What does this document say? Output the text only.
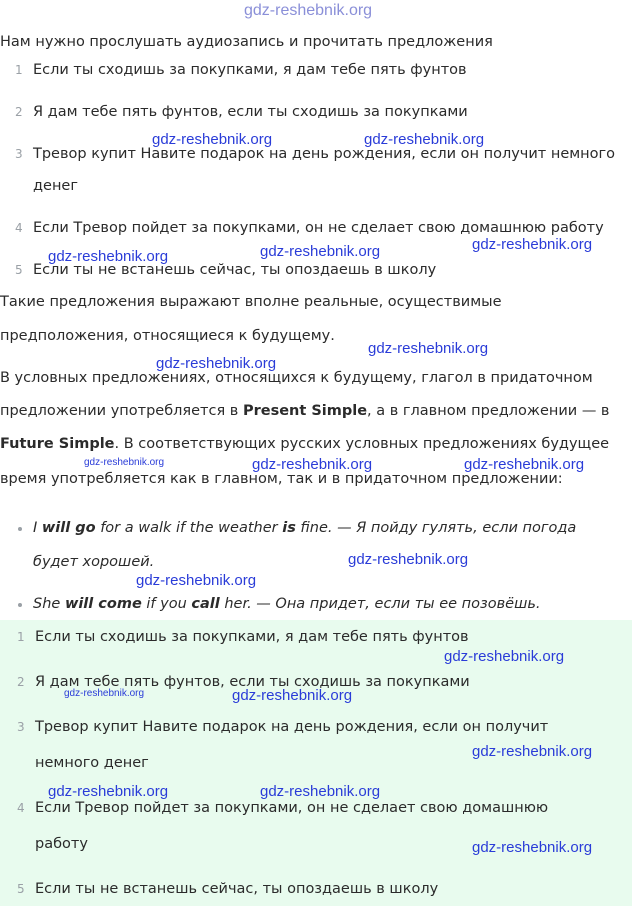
gdz-reshebnik.org
gdz-reshebnik.org	gdz-reshebnik.org
gdz-reshebnik.org
gdz-reshebnik.org	gdz-reshebnik.org
gdz-reshebnik.org
gdz-reshebnik.org
gdz-reshebnik.org	gdz-reshebnik.org	gdz-reshebnik.org
gdz-reshebnik.org
gdz-reshebnik.org
gdz-reshebnik.org
gdz-reshebnik.org	gdz-reshebnik.org
gdz-reshebnik.org
gdz-reshebnik.org	gdz-reshebnik.org
gdz-reshebnik.org
Нам нужно прослушать аудиозапись и прочитать предложения
1 Если ты сходишь за покупками, я дам тебе пять фунтов
2 Я дам тебе пять фунтов, если ты сходишь за покупками
3 Тревор купит Навите подарок на день рождения, если он получит немного
денег
4 Если Тревор пойдет за покупками, он не сделает свою домашнюю работу
5 Если ты не встанешь сейчас, ты опоздаешь в школу
Такие предложения выражают вполне реальные, осуществимые
предположения, относящиеся к будущему.
В условных предложениях, относящихся к будущему, глагол в придаточном
предложении употребляется в Present Simple, а в главном предложении — в
Future Simple. В соответствующих русских условных предложениях будущее
время употребляется как в главном, так и в придаточном предложении:
I will go for a walk if the weather is fine. — Я пойду гулять, если погода
будет хорошей.
She will come if you call her. — Она придет, если ты ее позовёшь.
1 Если ты сходишь за покупками, я дам тебе пять фунтов
2 Я дам тебе пять фунтов, если ты сходишь за покупками
3 Тревор купит Навите подарок на день рождения, если он получит
немного денег
4 Если Тревор пойдет за покупками, он не сделает свою домашнюю
работу
5 Если ты не встанешь сейчас, ты опоздаешь в школу
